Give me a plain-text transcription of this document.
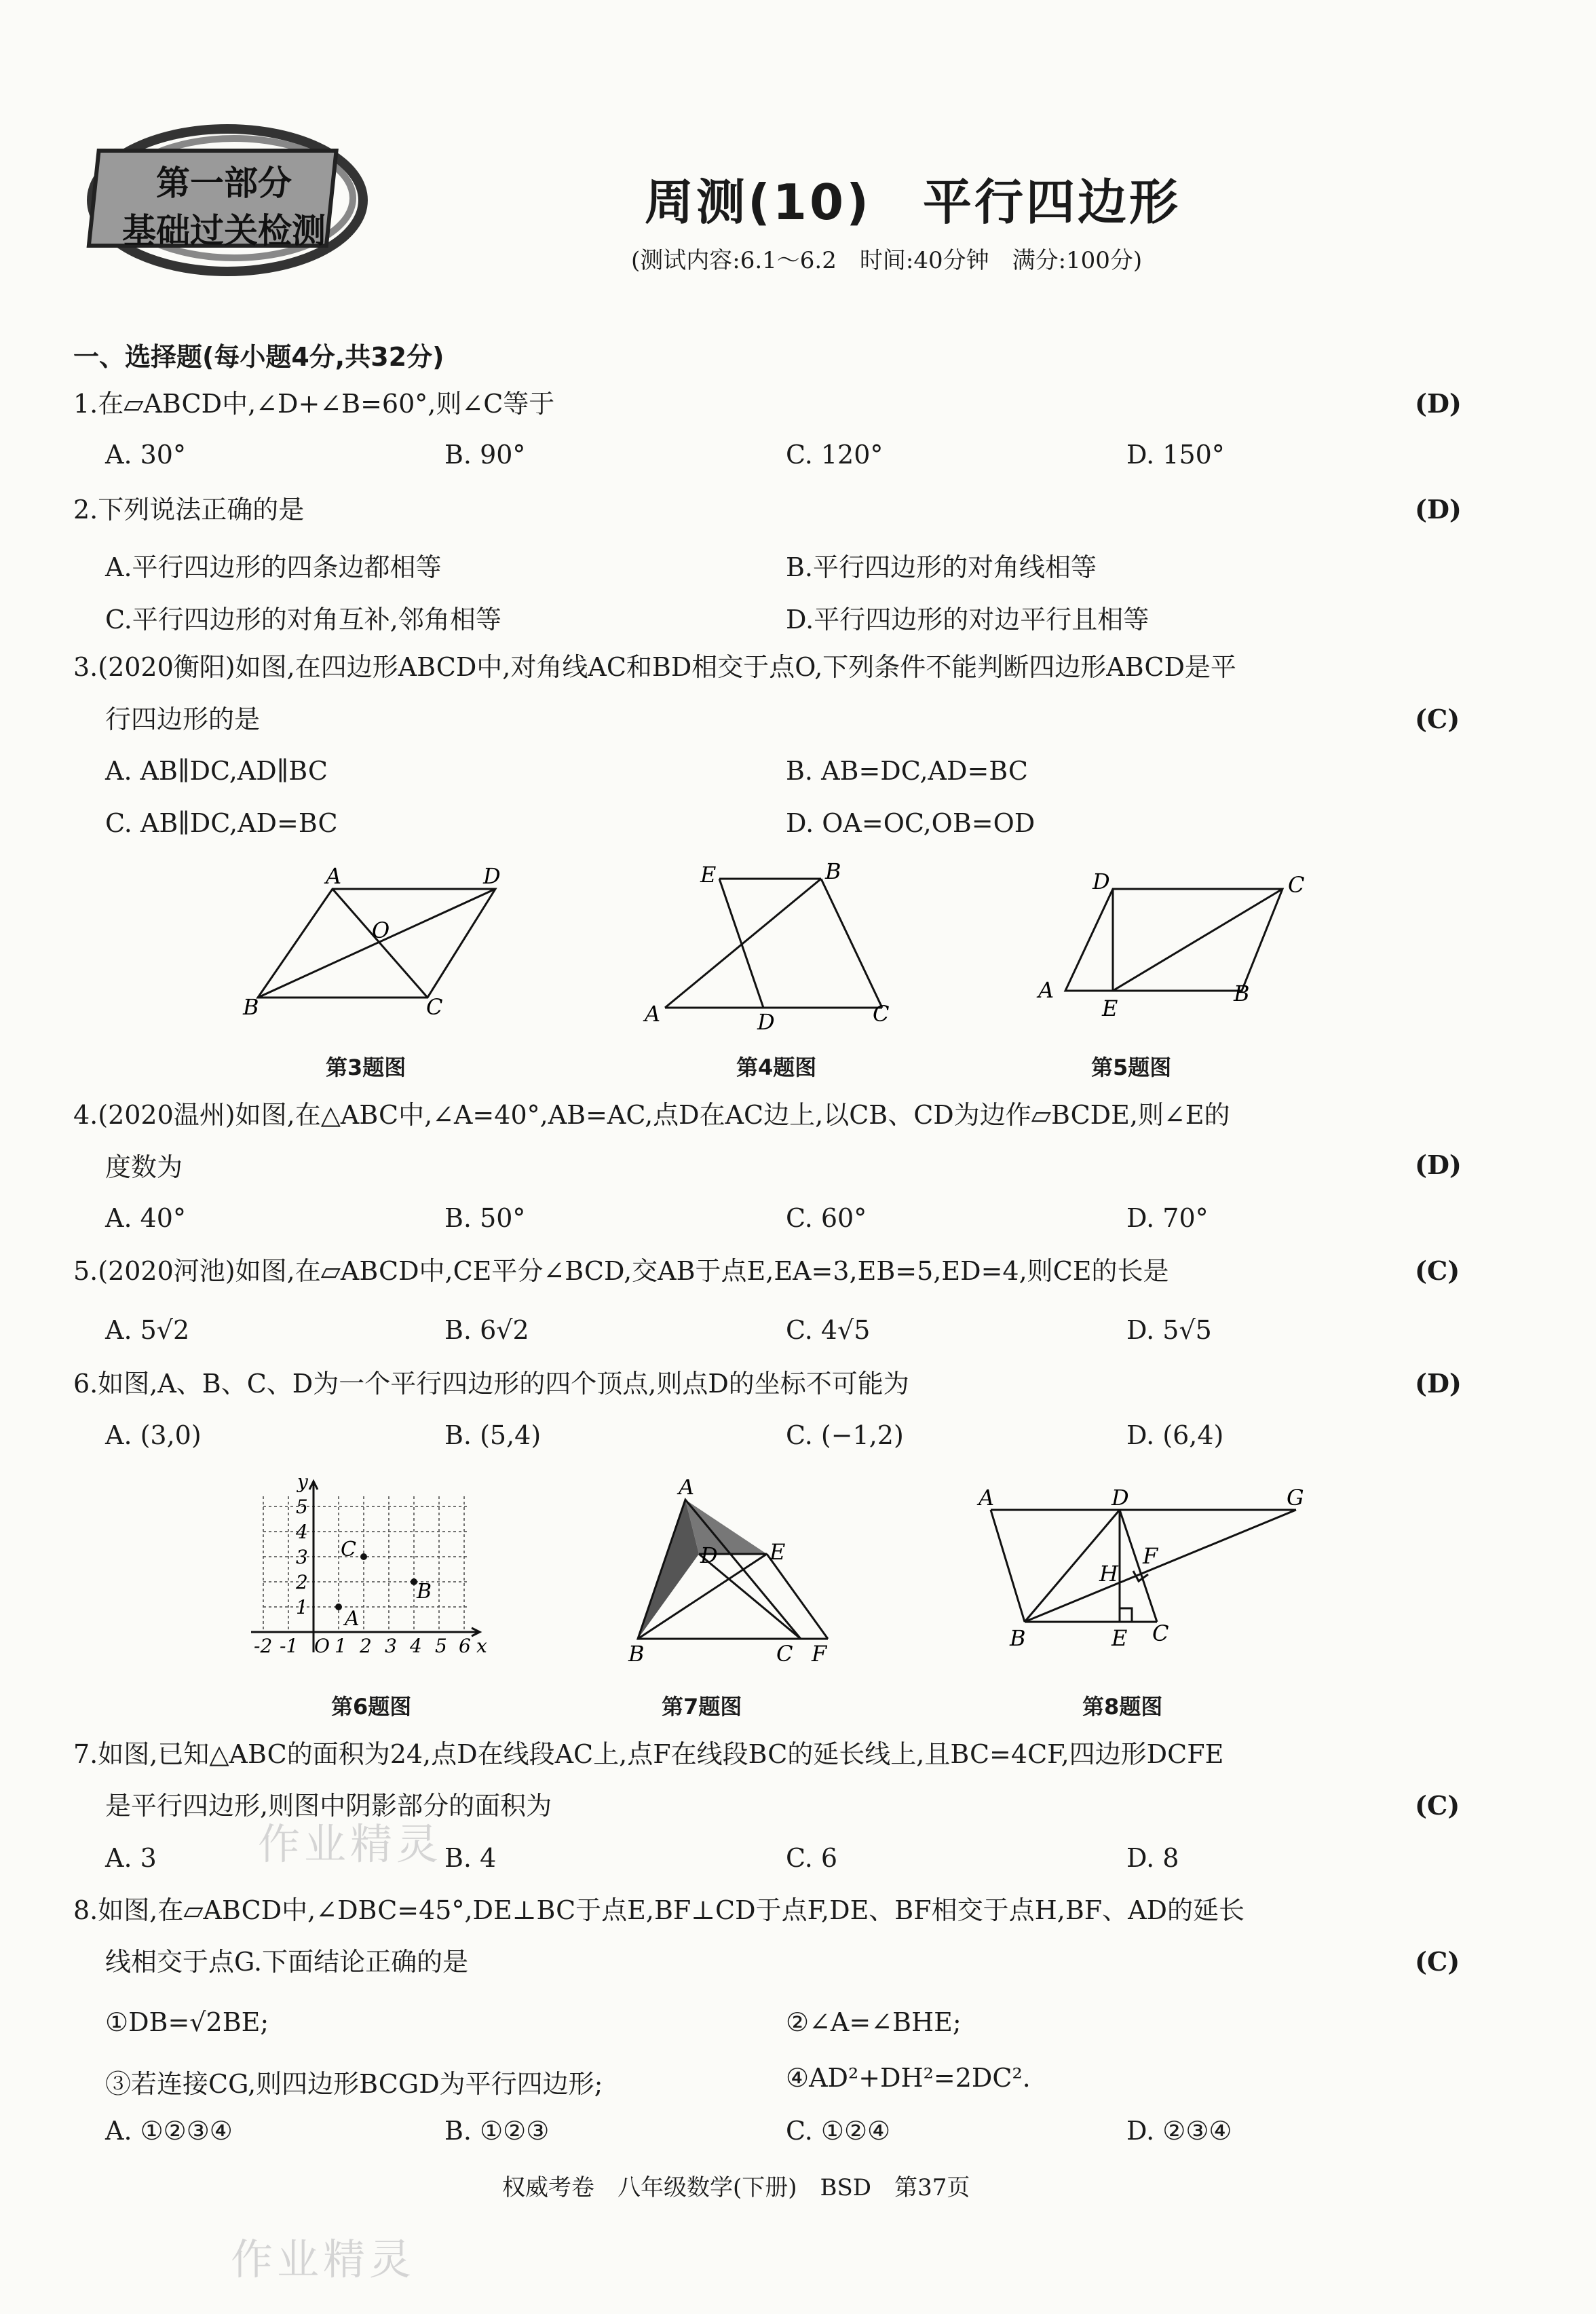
第一部分
基础过关检测	周测(10)　平行四边形
(测试内容:6.1～6.2　时间:40分钟　满分:100分)
一、选择题(每小题4分,共32分)
1.在▱ABCD中,∠D+∠B=60°,则∠C等于	(D)
A. 30°	B. 90°	C. 120°	D. 150°
2.下列说法正确的是	(D)
A.平行四边形的四条边都相等	B.平行四边形的对角线相等
C.平行四边形的对角互补,邻角相等	D.平行四边形的对边平行且相等
3.(2020衡阳)如图,在四边形ABCD中,对角线AC和BD相交于点O,下列条件不能判断四边形ABCD是平
行四边形的是	(C)
A. AB∥DC,AD∥BC	B. AB=DC,AD=BC
C. AB∥DC,AD=BC	D. OA=OC,OB=OD
A	D
O
B	C
第3题图
E	B
A	D	C
第4题图
D	C
A
E
B
第5题图
4.(2020温州)如图,在△ABC中,∠A=40°,AB=AC,点D在AC边上,以CB、CD为边作▱BCDE,则∠E的
度数为	(D)
A. 40°	B. 50°	C. 60°	D. 70°
5.(2020河池)如图,在▱ABCD中,CE平分∠BCD,交AB于点E,EA=3,EB=5,ED=4,则CE的长是	(C)
A. 5√2	B. 6√2	C. 4√5	D. 5√5
6.如图,A、B、C、D为一个平行四边形的四个顶点,则点D的坐标不可能为	(D)
A. (3,0)	B. (5,4)	C. (−1,2)	D. (6,4)
y
5
4
3
2
1
C
B
A
-2 -1 O 1 2 3 4 5 6 x
第6题图
A
D E
B	C F
第7题图
A	D	G
F
H
B	E C
第8题图
7.如图,已知△ABC的面积为24,点D在线段AC上,点F在线段BC的延长线上,且BC=4CF,四边形DCFE
是平行四边形,则图中阴影部分的面积为	(C)
A. 3	B. 4	C. 6	D. 8
8.如图,在▱ABCD中,∠DBC=45°,DE⊥BC于点E,BF⊥CD于点F,DE、BF相交于点H,BF、AD的延长
线相交于点G.下面结论正确的是	(C)
①DB=√2BE;	②∠A=∠BHE;
③若连接CG,则四边形BCGD为平行四边形;	④AD²+DH²=2DC².
A. ①②③④	B. ①②③	C. ①②④	D. ②③④
作业精灵
作业精灵
权威考卷　八年级数学(下册)　BSD　第37页
